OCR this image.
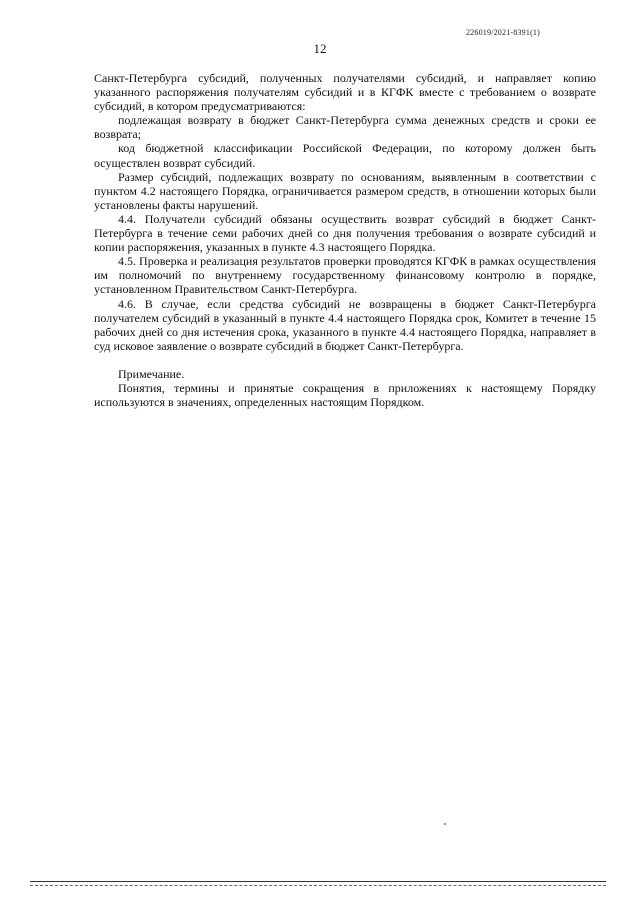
226019/2021-8391(1)
12

Санкт-Петербурга субсидий, полученных получателями субсидий, и направляет копию указанного распоряжения получателям субсидий и в КГФК вместе с требованием о возврате субсидий, в котором предусматриваются:

подлежащая возврату в бюджет Санкт-Петербурга сумма денежных средств и сроки ее возврата;

код бюджетной классификации Российской Федерации, по которому должен быть осуществлен возврат субсидий.

Размер субсидий, подлежащих возврату по основаниям, выявленным в соответствии с пунктом 4.2 настоящего Порядка, ограничивается размером средств, в отношении которых были установлены факты нарушений.

4.4. Получатели субсидий обязаны осуществить возврат субсидий в бюджет Санкт-Петербурга в течение семи рабочих дней со дня получения требования о возврате субсидий и копии распоряжения, указанных в пункте 4.3 настоящего Порядка.

4.5. Проверка и реализация результатов проверки проводятся КГФК в рамках осуществления им полномочий по внутреннему государственному финансовому контролю в порядке, установленном Правительством Санкт-Петербурга.

4.6. В случае, если средства субсидий не возвращены в бюджет Санкт-Петербурга получателем субсидий в указанный в пункте 4.4 настоящего Порядка срок, Комитет в течение 15 рабочих дней со дня истечения срока, указанного в пункте 4.4 настоящего Порядка, направляет в суд исковое заявление о возврате субсидий в бюджет Санкт-Петербурга.

Примечание.

Понятия, термины и принятые сокращения в приложениях к настоящему Порядку используются в значениях, определенных настоящим Порядком.
